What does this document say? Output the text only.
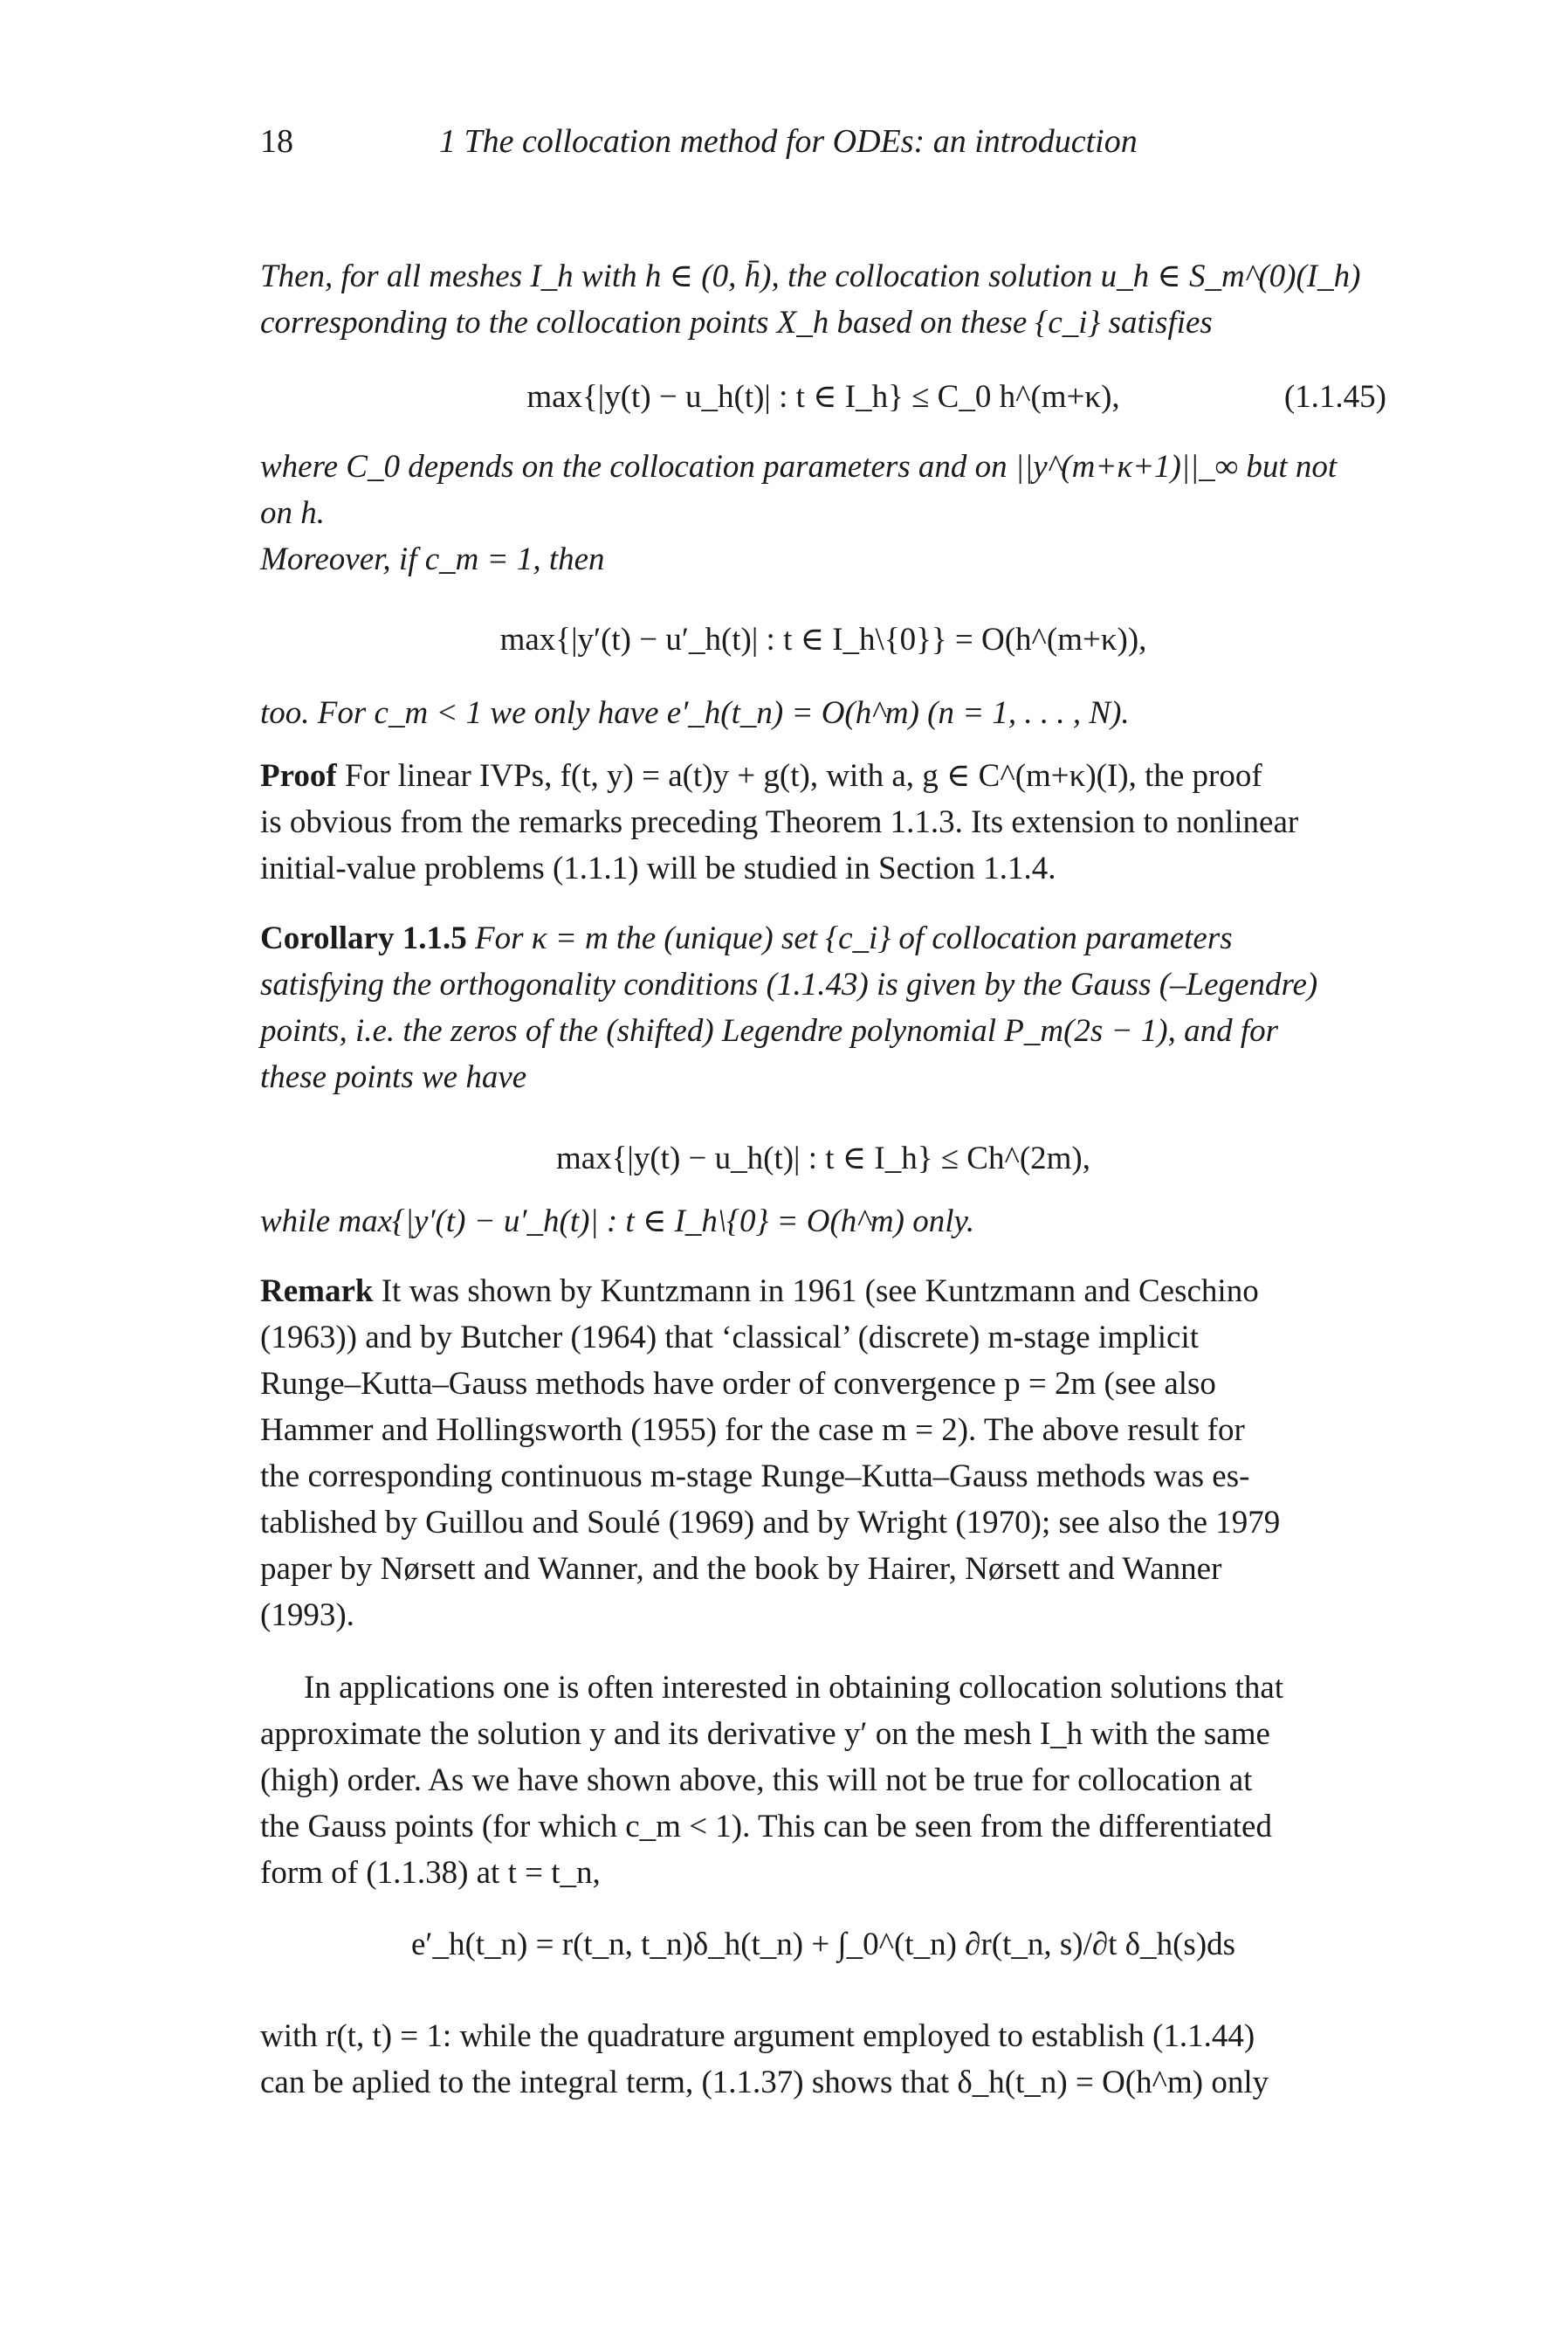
18	1 The collocation method for ODEs: an introduction
Then, for all meshes I_h with h ∈ (0, h̄), the collocation solution u_h ∈ S_m^(0)(I_h)
corresponding to the collocation points X_h based on these {c_i} satisfies
max{|y(t) − u_h(t)| : t ∈ I_h} ≤ C_0 h^(m+κ),	(1.1.45)
where C_0 depends on the collocation parameters and on ||y^(m+κ+1)||_∞ but not
on h.
Moreover, if c_m = 1, then
max{|y′(t) − u′_h(t)| : t ∈ I_h\{0}} = O(h^(m+κ)),
too. For c_m < 1 we only have e′_h(t_n) = O(h^m) (n = 1, . . . , N).
Proof For linear IVPs, f(t, y) = a(t)y + g(t), with a, g ∈ C^(m+κ)(I), the proof
is obvious from the remarks preceding Theorem 1.1.3. Its extension to nonlinear
initial-value problems (1.1.1) will be studied in Section 1.1.4.
Corollary 1.1.5 For κ = m the (unique) set {c_i} of collocation parameters
satisfying the orthogonality conditions (1.1.43) is given by the Gauss (–Legendre)
points, i.e. the zeros of the (shifted) Legendre polynomial P_m(2s − 1), and for
these points we have
max{|y(t) − u_h(t)| : t ∈ I_h} ≤ Ch^(2m),
while max{|y′(t) − u′_h(t)| : t ∈ I_h\{0} = O(h^m) only.
Remark It was shown by Kuntzmann in 1961 (see Kuntzmann and Ceschino
(1963)) and by Butcher (1964) that ‘classical’ (discrete) m-stage implicit
Runge–Kutta–Gauss methods have order of convergence p = 2m (see also
Hammer and Hollingsworth (1955) for the case m = 2). The above result for
the corresponding continuous m-stage Runge–Kutta–Gauss methods was es-
tablished by Guillou and Soulé (1969) and by Wright (1970); see also the 1979
paper by Nørsett and Wanner, and the book by Hairer, Nørsett and Wanner
(1993).
In applications one is often interested in obtaining collocation solutions that
approximate the solution y and its derivative y′ on the mesh I_h with the same
(high) order. As we have shown above, this will not be true for collocation at
the Gauss points (for which c_m < 1). This can be seen from the differentiated
form of (1.1.38) at t = t_n,
e′_h(t_n) = r(t_n, t_n)δ_h(t_n) + ∫_0^(t_n) ∂r(t_n, s)/∂t δ_h(s)ds
with r(t, t) = 1: while the quadrature argument employed to establish (1.1.44)
can be aplied to the integral term, (1.1.37) shows that δ_h(t_n) = O(h^m) only
